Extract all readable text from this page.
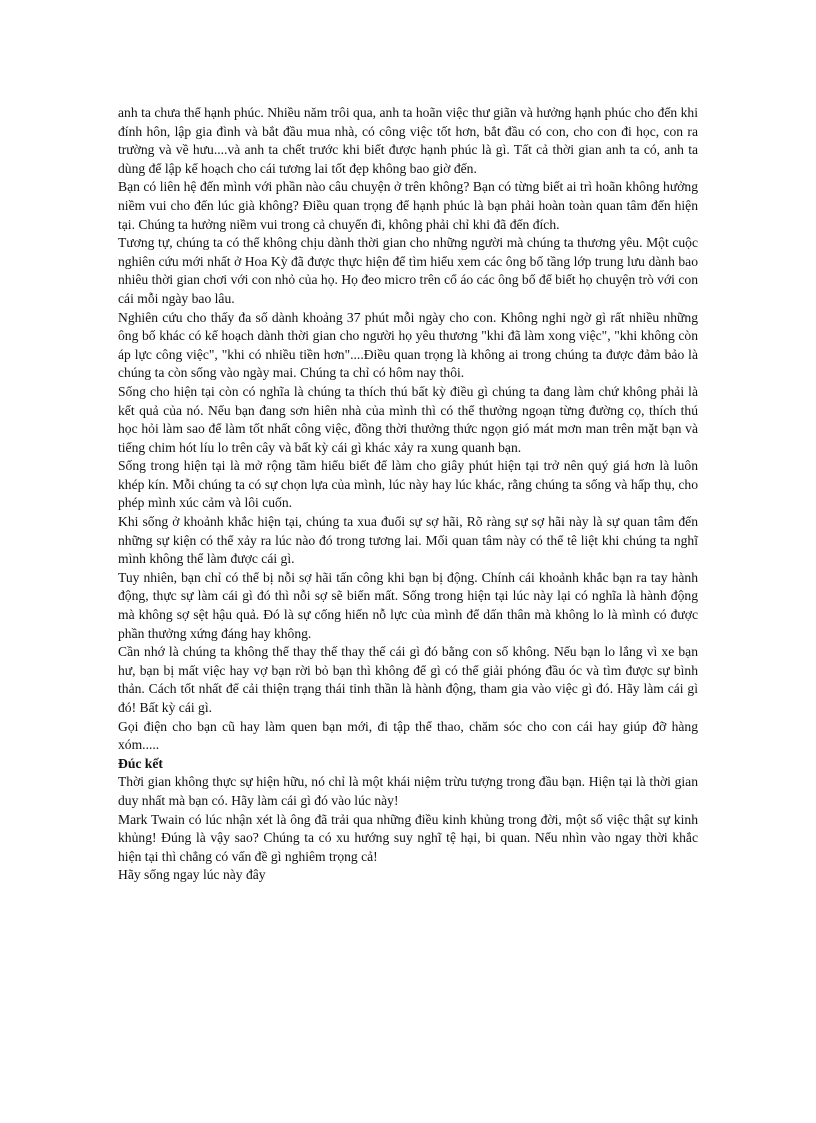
anh ta chưa thể hạnh phúc. Nhiều năm trôi qua, anh ta hoãn việc thư giãn và hưởng hạnh phúc cho đến khi đính hôn, lập gia đình và bắt đầu mua nhà, có công việc tốt hơn, bắt đầu có con, cho con đi học, con ra trường và về hưu....và anh ta chết trước khi biết được hạnh phúc là gì. Tất cả thời gian anh ta có, anh ta dùng để lập kế hoạch cho cái tương lai tốt đẹp không bao giờ đến.

Bạn có liên hệ đến mình với phần nào câu chuyện ở trên không? Bạn có từng biết ai trì hoãn không hưởng niềm vui cho đến lúc già không? Điều quan trọng để hạnh phúc là bạn phải hoàn toàn quan tâm đến hiện tại. Chúng ta hưởng niềm vui trong cả chuyến đi, không phải chỉ khi đã đến đích.

Tương tự, chúng ta có thể không chịu dành thời gian cho những người mà chúng ta thương yêu. Một cuộc nghiên cứu mới nhất ở Hoa Kỳ đã được thực hiện để tìm hiểu xem các ông bố tầng lớp trung lưu dành bao nhiêu thời gian chơi với con nhỏ của họ. Họ đeo micro trên cổ áo các ông bố để biết họ chuyện trò với con cái mỗi ngày bao lâu.

Nghiên cứu cho thấy đa số dành khoảng 37 phút mỗi ngày cho con. Không nghi ngờ gì rất nhiều những ông bố khác có kế hoạch dành thời gian cho người họ yêu thương "khi đã làm xong việc", "khi không còn áp lực công việc", "khi có nhiều tiền hơn"....Điều quan trọng là không ai trong chúng ta được đảm bảo là chúng ta còn sống vào ngày mai. Chúng ta chỉ có hôm nay thôi.

Sống cho hiện tại còn có nghĩa là chúng ta thích thú bất kỳ điều gì chúng ta đang làm chứ không phải là kết quả của nó. Nếu bạn đang sơn hiên nhà của mình thì có thể thưởng ngoạn từng đường cọ, thích thú học hỏi làm sao để làm tốt nhất công việc, đồng thời thưởng thức ngọn gió mát mơn man trên mặt bạn và tiếng chim hót líu lo trên cây và bất kỳ cái gì khác xảy ra xung quanh bạn.

Sống trong hiện tại là mở rộng tầm hiểu biết để làm cho giây phút hiện tại trở nên quý giá hơn là luôn khép kín. Mỗi chúng ta có sự chọn lựa của mình, lúc này hay lúc khác, rằng chúng ta sống và hấp thụ, cho phép mình xúc cảm và lôi cuốn.

Khi sống ở khoảnh khắc hiện tại, chúng ta xua đuổi sự sợ hãi, Rõ ràng sự sợ hãi này là sự quan tâm đến những sự kiện có thể xảy ra lúc nào đó trong tương lai. Mối quan tâm này có thể tê liệt khi chúng ta nghĩ mình không thể làm được cái gì.

Tuy nhiên, bạn chỉ có thể bị nỗi sợ hãi tấn công khi bạn bị động. Chính cái khoảnh khắc bạn ra tay hành động, thực sự làm cái gì đó thì nỗi sợ sẽ biến mất. Sống trong hiện tại lúc này lại có nghĩa là hành động mà không sợ sệt hậu quả. Đó là sự cống hiến nỗ lực của mình để dấn thân mà không lo là mình có được phần thưởng xứng đáng hay không.

Cần nhớ là chúng ta không thể thay thế thay thế cái gì đó bằng con số không. Nếu bạn lo lắng vì xe bạn hư, bạn bị mất việc hay vợ bạn rời bỏ bạn thì không để gì có thể giải phóng đầu óc và tìm được sự bình thản. Cách tốt nhất để cải thiện trạng thái tinh thần là hành động, tham gia vào việc gì đó. Hãy làm cái gì đó! Bất kỳ cái gì.

Gọi điện cho bạn cũ hay làm quen bạn mới, đi tập thể thao, chăm sóc cho con cái hay giúp đỡ hàng xóm.....

Đúc kết

Thời gian không thực sự hiện hữu, nó chỉ là một khái niệm trừu tượng trong đầu bạn. Hiện tại là thời gian duy nhất mà bạn có. Hãy làm cái gì đó vào lúc này!

Mark Twain có lúc nhận xét là ông đã trải qua những điều kinh khủng trong đời, một số việc thật sự kinh khủng! Đúng là vậy sao? Chúng ta có xu hướng suy nghĩ tệ hại, bi quan. Nếu nhìn vào ngay thời khắc hiện tại thì chẳng có vấn đề gì nghiêm trọng cả!

Hãy sống ngay lúc này đây
